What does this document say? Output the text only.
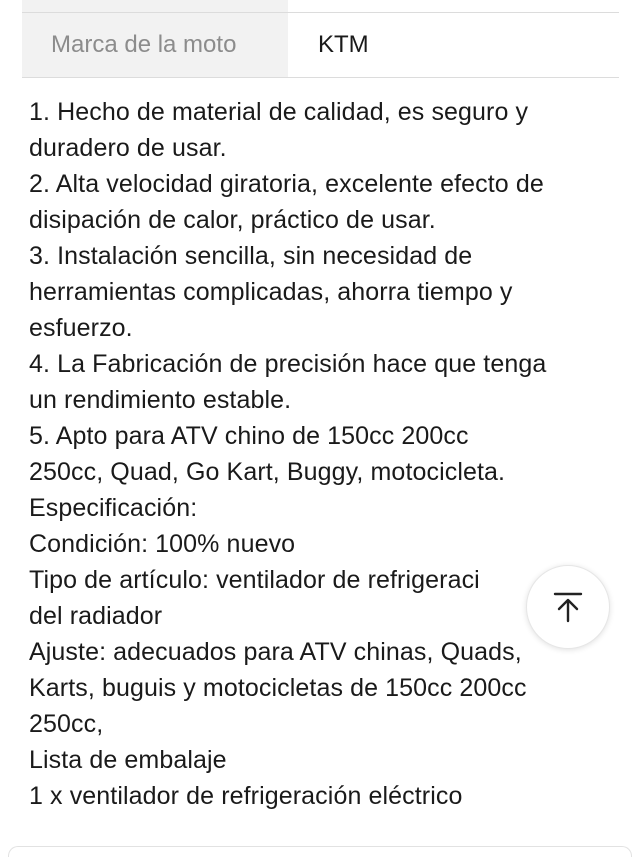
Marca de la moto	KTM

1. Hecho de material de calidad, es seguro y

duradero de usar.

2. Alta velocidad giratoria, excelente efecto de

disipación de calor, práctico de usar.

3. Instalación sencilla, sin necesidad de

herramientas complicadas, ahorra tiempo y

esfuerzo.

4. La Fabricación de precisión hace que tenga

un rendimiento estable.

5. Apto para ATV chino de 150cc 200cc

250cc, Quad, Go Kart, Buggy, motocicleta.

Especificación:

Condición: 100% nuevo

Tipo de artículo: ventilador de refrigeraci

del radiador

Ajuste: adecuados para ATV chinas, Quads,

Karts, buguis y motocicletas de 150cc 200cc

250cc,

Lista de embalaje

1 x ventilador de refrigeración eléctrico
